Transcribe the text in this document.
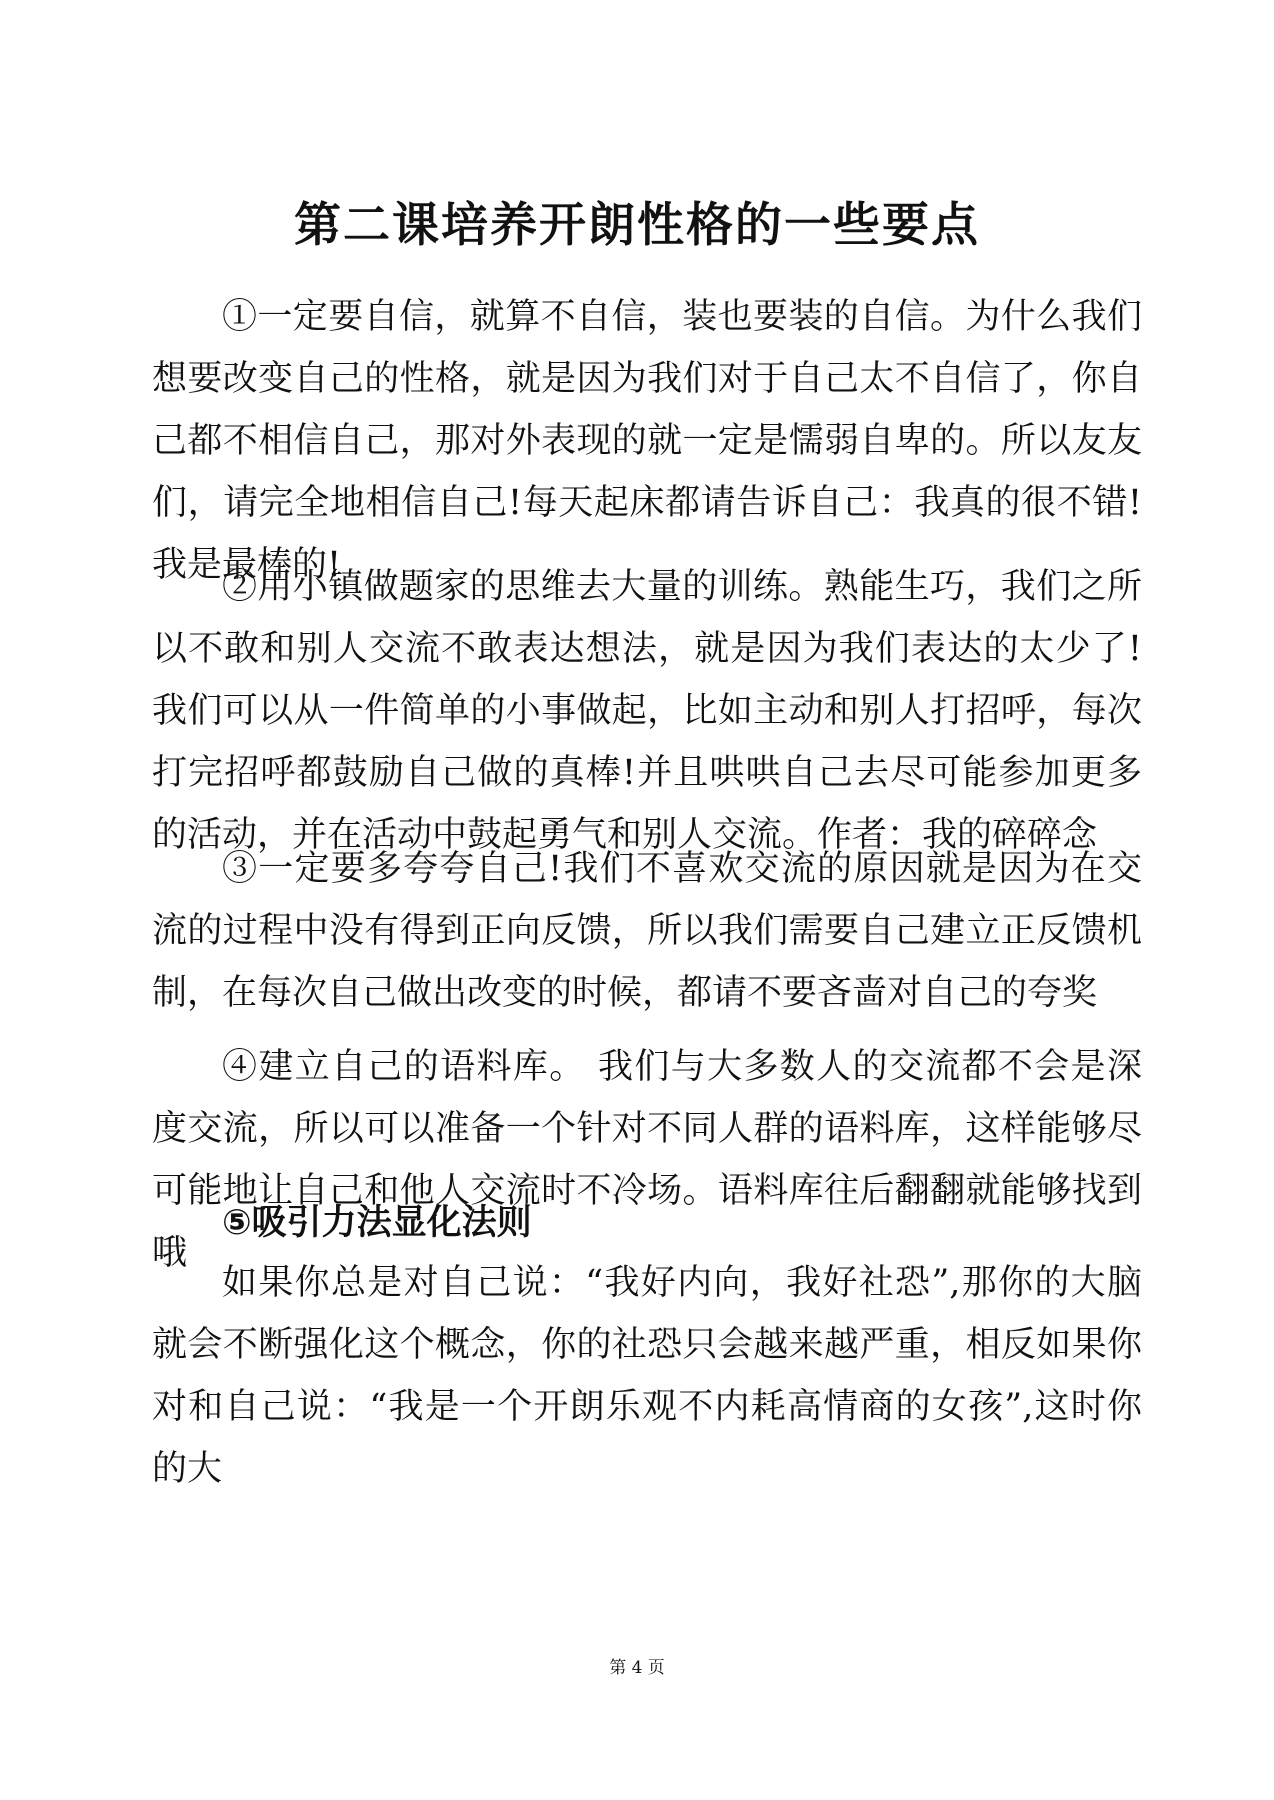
第二课培养开朗性格的一些要点

①一定要自信，就算不自信，装也要装的自信。为什么我们想要改变自己的性格，就是因为我们对于自己太不自信了，你自己都不相信自己，那对外表现的就一定是懦弱自卑的。所以友友们，请完全地相信自己!每天起床都请告诉自己：我真的很不错!我是最棒的!

②用小镇做题家的思维去大量的训练。熟能生巧，我们之所以不敢和别人交流不敢表达想法，就是因为我们表达的太少了!我们可以从一件简单的小事做起，比如主动和别人打招呼，每次打完招呼都鼓励自己做的真棒!并且哄哄自己去尽可能参加更多的活动，并在活动中鼓起勇气和别人交流。作者：我的碎碎念

③一定要多夸夸自己!我们不喜欢交流的原因就是因为在交流的过程中没有得到正向反馈，所以我们需要自己建立正反馈机制，在每次自己做出改变的时候，都请不要吝啬对自己的夸奖

④建立自己的语料库。 我们与大多数人的交流都不会是深度交流，所以可以准备一个针对不同人群的语料库，这样能够尽可能地让自己和他人交流时不冷场。语料库往后翻翻就能够找到哦

⑤吸引力法显化法则

如果你总是对自己说：“我好内向，我好社恐”,那你的大脑就会不断强化这个概念，你的社恐只会越来越严重，相反如果你对和自己说：“我是一个开朗乐观不内耗高情商的女孩”,这时你的大

第 4 页
